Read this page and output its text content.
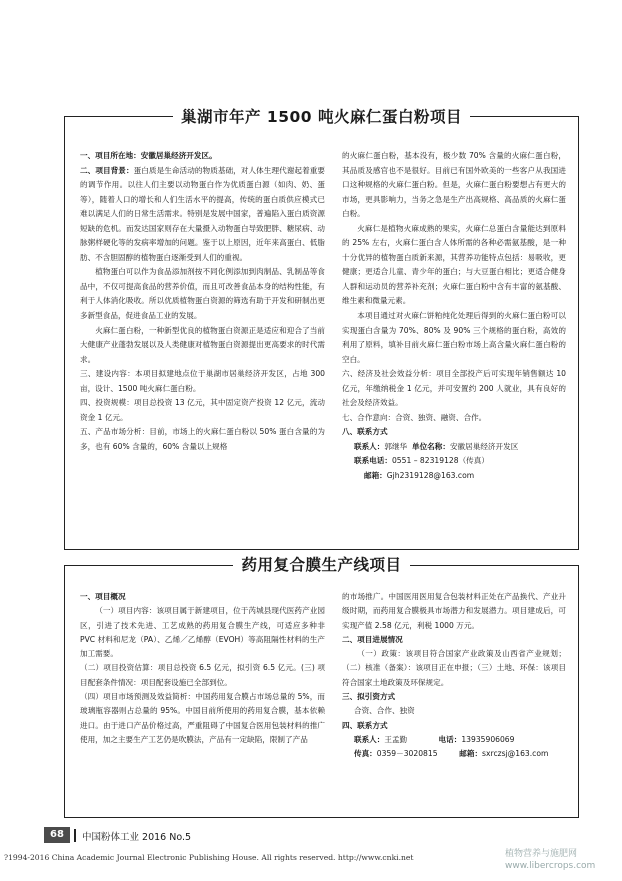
巢湖市年产 1500 吨火麻仁蛋白粉项目

一、项目所在地：安徽居巢经济开发区。

二、项目背景：蛋白质是生命活动的物质基础，对人体生理代谢起着重要的调节作用。以往人们主要以动物蛋白作为优质蛋白源（如肉、奶、蛋等），随着人口的增长和人们生活水平的提高，传统的蛋白质供应模式已难以满足人们的日常生活需求。特别是发展中国家，普遍陷入蛋白质资源短缺的危机。而发达国家则存在大量摄入动物蛋白导致肥胖、糖尿病、动脉粥样硬化等的发病率增加的问题。鉴于以上原因，近年来高蛋白、低脂肪、不含胆固醇的植物蛋白逐渐受到人们的重视。

植物蛋白可以作为食品添加剂按不同化例添加到肉制品、乳制品等食品中，不仅可提高食品的营养价值，而且可改善食品本身的结构性能，有利于人体消化吸收。所以优质植物蛋白资源的筛选有助于开发和研制出更多新型食品，促进食品工业的发展。

火麻仁蛋白粉，一种新型优良的植物蛋白资源正是适应和迎合了当前大健康产业蓬勃发展以及人类健康对植物蛋白资源提出更高要求的时代需求。

三、建设内容：本项目拟建地点位于巢湖市居巢经济开发区，占地 300 亩，设计、1500 吨火麻仁蛋白粉。

四、投资规模：项目总投资 13 亿元，其中固定资产投资 12 亿元，流动资金 1 亿元。

五、产品市场分析：目前，市场上的火麻仁蛋白粉以 50% 蛋白含量的为多，也有 60% 含量的，60% 含量以上规格

的火麻仁蛋白粉，基本没有，极少数 70% 含量的火麻仁蛋白粉，其品质及感官也不是很好。目前已有国外欧美的一些客户从我国进口这种规格的火麻仁蛋白粉。但是，火麻仁蛋白粉要想占有更大的市场，更具影响力，当务之急是生产出高规格、高品质的火麻仁蛋白粉。

火麻仁是植物火麻成熟的果实，火麻仁总蛋白含量能达到原料的 25% 左右，火麻仁蛋白含人体所需的各种必需氨基酸，是一种十分优异的植物蛋白质新来源，其营养功能特点包括：易吸收，更健康；更适合儿童、青少年的蛋白；与大豆蛋白相比；更适合健身人群和运动员的营养补充剂；火麻仁蛋白粉中含有丰富的氨基酸、维生素和微量元素。

本项目通过对火麻仁饼粕纯化处理后得到的火麻仁蛋白粉可以实现蛋白含量为 70%、80% 及 90% 三个规格的蛋白粉，高效的利用了原料，填补目前火麻仁蛋白粉市场上高含量火麻仁蛋白粉的空白。

六、经济及社会效益分析：项目全部投产后可实现年销售额达 10 亿元，年缴纳税金 1 亿元，并可安置约 200 人就业，具有良好的社会及经济效益。

七、合作意向：合资、独资、融资、合作。

八、联系方式

联系人：郭继华 单位名称：安徽居巢经济开发区

联系电话：0551 – 82319128（传真）

邮箱：Gjh2319128@163.com

药用复合膜生产线项目

一、项目概况

（一）项目内容：该项目属于新建项目，位于芮城县现代医药产业园区，引进了技术先进、工艺成熟的药用复合膜生产线，可适应多种非 PVC 材料和尼龙（PA）、乙烯／乙烯醇（EVOH）等高阻隔性材料的生产加工需要。

（二）项目投资估算：项目总投资 6.5 亿元，拟引资 6.5 亿元。(三) 项目配套条件情况：项目配套设施已全部到位。

（四）项目市场预测及效益简析：中国药用复合膜占市场总量的 5%，而玻璃瓶容器则占总量的 95%。中国目前所使用的药用复合膜，基本依赖进口。由于进口产品价格过高，严重阻碍了中国复合医用包装材料的推广使用，加之主要生产工艺仍是吹膜法，产品有一定缺陷，限制了产品

的市场推广。中国医用医用复合包装材料正处在产品换代、产业升级时期，而药用复合膜极具市场潜力和发展潜力。项目建成后，可实现产值 2.58 亿元，利税 1000 万元。

二、项目进展情况

（一）政策：该项目符合国家产业政策及山西省产业规划；（二）核准（备案）：该项目正在申报；（三）土地、环保：该项目符合国家土地政策及环保规定。

三、拟引资方式

合资、合作、独资

四、联系方式

联系人：王孟勤	电话：13935906069

传真：0359－3020815	邮箱：sxrczsj@163.com

68	中国粉体工业 2016 No.5
?1994-2016 China Academic Journal Electronic Publishing House. All rights reserved. http://www.cnki.net	植物营养与施肥网
www.libercrops.com
